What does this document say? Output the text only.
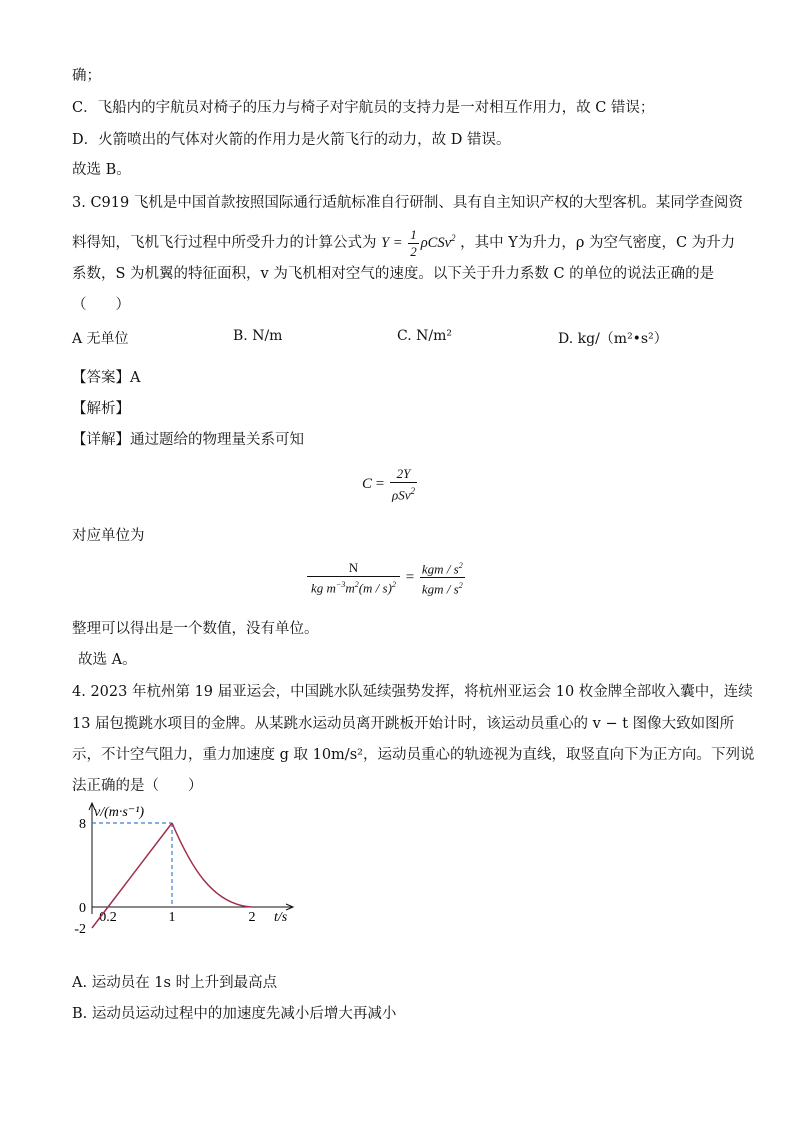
确；
C．飞船内的宇航员对椅子的压力与椅子对宇航员的支持力是一对相互作用力，故 C 错误；
D．火箭喷出的气体对火箭的作用力是火箭飞行的动力，故 D 错误。
故选 B。
3. C919 飞机是中国首款按照国际通行适航标准自行研制、具有自主知识产权的大型客机。某同学查阅资
料得知，飞机飞行过程中所受升力的计算公式为 $Y = \frac{1}{2} \rho CSv^2$ ，其中 Y为升力，ρ 为空气密度，C 为升力
系数，S 为机翼的特征面积，v 为飞机相对空气的速度。以下关于升力系数 C 的单位的说法正确的是
（　　）
A 无单位	B. N/m	C. N/m²	D. kg/（m²•s²）
【答案】A
【解析】
【详解】通过题给的物理量关系可知
$C = \frac{2Y}{\rho Sv^2}$
对应单位为
$\frac{N}{kg m^{-3}m^2(m / s)^2} = \frac{kgm / s^2}{kgm / s^2}$
整理可以得出是一个数值，没有单位。
故选 A。
4. 2023 年杭州第 19 届亚运会，中国跳水队延续强势发挥，将杭州亚运会 10 枚金牌全部收入囊中，连续
13 届包揽跳水项目的金牌。从某跳水运动员离开跳板开始计时，该运动员重心的 v − t 图像大致如图所
示，不计空气阻力，重力加速度 g 取 10m/s²，运动员重心的轨迹视为直线，取竖直向下为正方向。下列说
法正确的是（　　）
v/(m·s⁻¹)
t/s
8
0
-2
0.2	1	2
A. 运动员在 1s 时上升到最高点
B. 运动员运动过程中的加速度先减小后增大再减小
